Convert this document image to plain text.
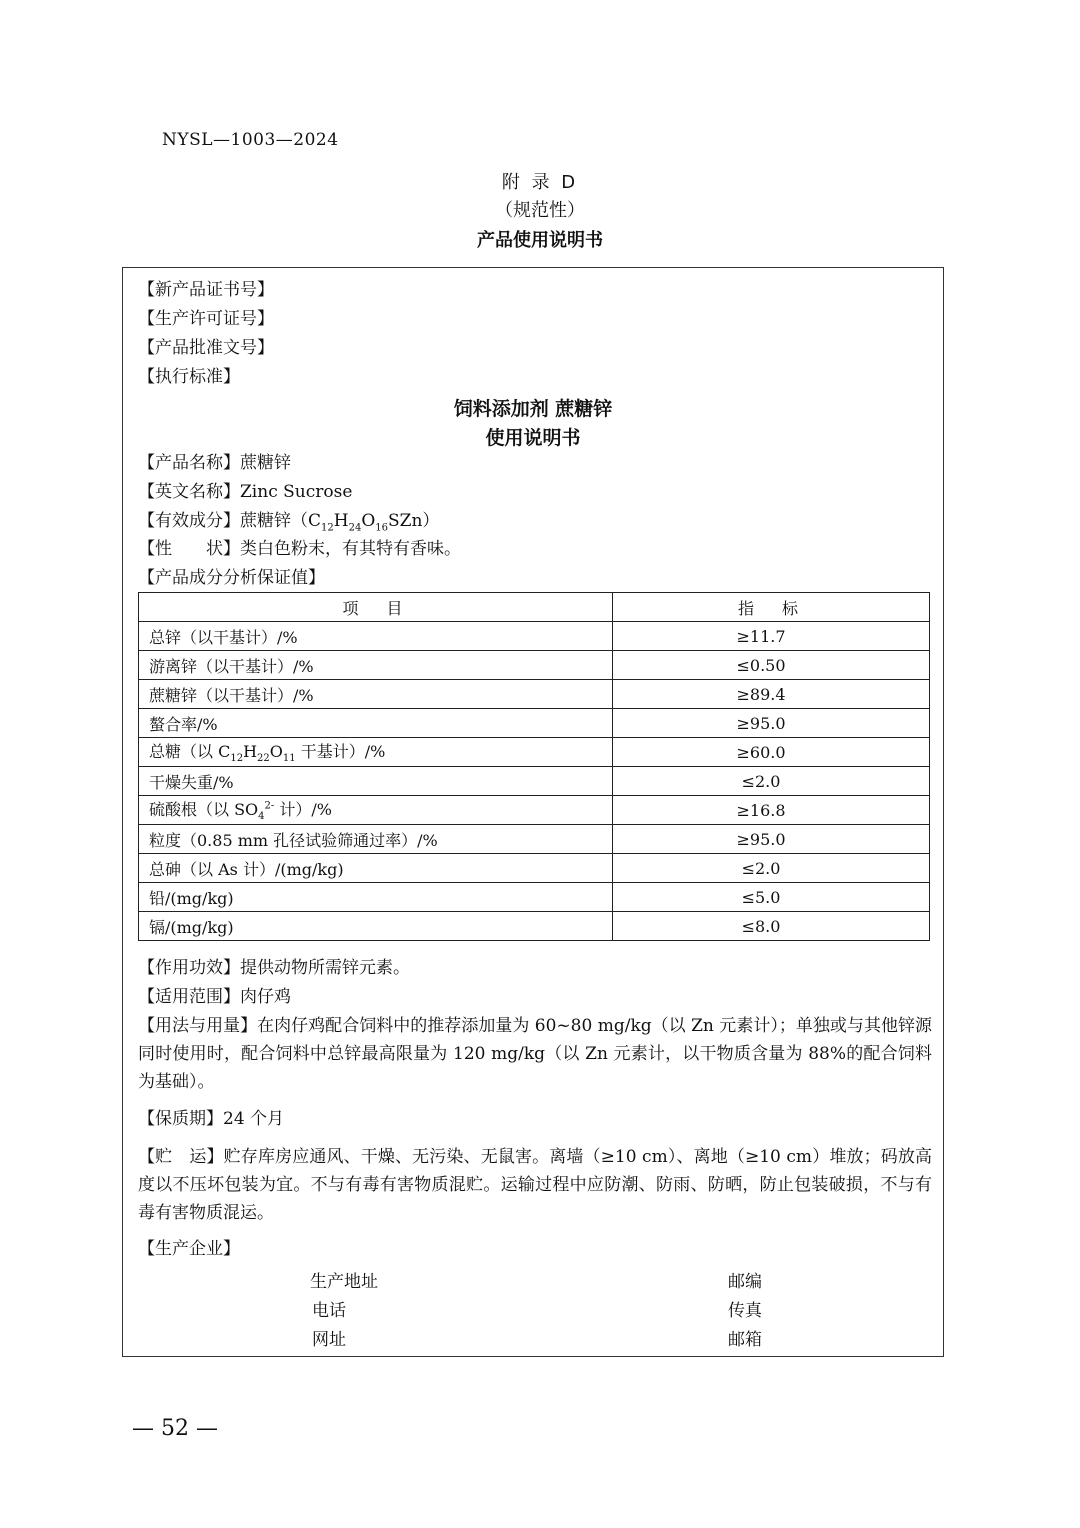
NYSL—1003—2024
附 录 D
（规范性）
产品使用说明书
【新产品证书号】
【生产许可证号】
【产品批准文号】
【执行标准】
饲料添加剂 蔗糖锌
使用说明书
【产品名称】蔗糖锌
【英文名称】Zinc Sucrose
【有效成分】蔗糖锌$(C_{12}H_{24}O_{16}SZn)$
【性　　状】类白色粉末，有其特有香味。
【产品成分分析保证值】
项　目	指　标
总锌（以干基计）/%	≥11.7
游离锌（以干基计）/%	≤0.50
蔗糖锌（以干基计）/%	≥89.4
螯合率/%	≥95.0
总糖（以 $C_{12}H_{22}O_{11}$ 干基计）/%	≥60.0
干燥失重/%	≤2.0
硫酸根（以 $SO_4^{2-}$ 计）/%	≥16.8
粒度（0.85 mm 孔径试验筛通过率）/%	≥95.0
总砷（以 As 计）/(mg/kg)	≤2.0
铅/(mg/kg)	≤5.0
镉/(mg/kg)	≤8.0
【作用功效】提供动物所需锌元素。
【适用范围】肉仔鸡
【用法与用量】在肉仔鸡配合饲料中的推荐添加量为 60~80 mg/kg（以 Zn 元素计）；单独或与其他锌源同时使用时，配合饲料中总锌最高限量为 120 mg/kg（以 Zn 元素计，以干物质含量为 88%的配合饲料为基础）。
【保质期】24 个月
【贮　运】贮存库房应通风、干燥、无污染、无鼠害。离墙（≥10 cm）、离地（≥10 cm）堆放；码放高度以不压坏包装为宜。不与有毒有害物质混贮。运输过程中应防潮、防雨、防晒，防止包装破损，不与有毒有害物质混运。
【生产企业】
生产地址	邮编
电话	传真
网址	邮箱
— 52 —
